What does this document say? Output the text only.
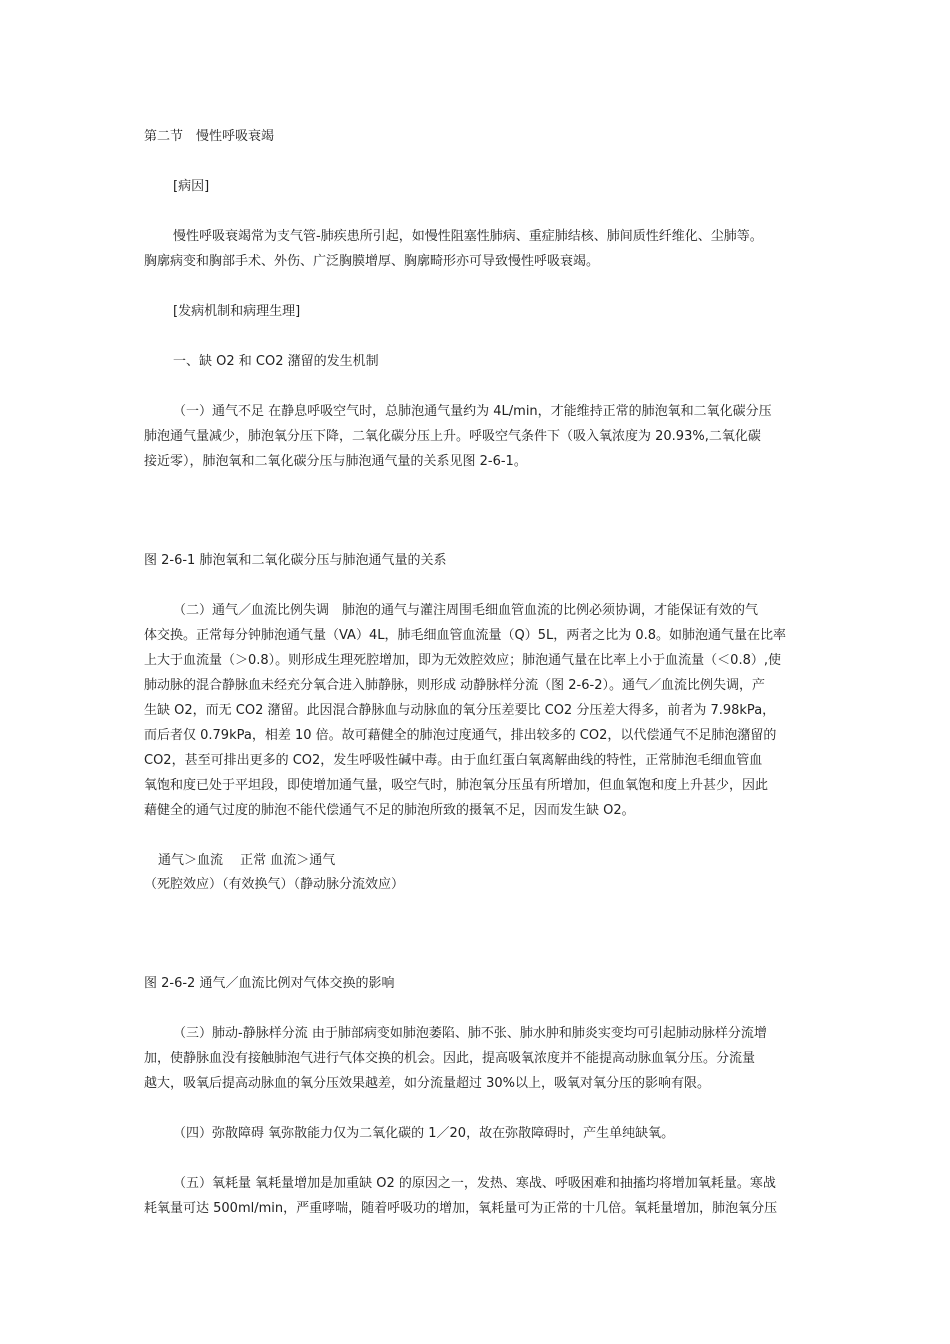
第二节　慢性呼吸衰竭
[病因]
慢性呼吸衰竭常为支气管-肺疾患所引起，如慢性阻塞性肺病、重症肺结核、肺间质性纤维化、尘肺等。
胸廓病变和胸部手术、外伤、广泛胸膜增厚、胸廓畸形亦可导致慢性呼吸衰竭。
[发病机制和病理生理]
一、缺 O2 和 CO2 潴留的发生机制
（一）通气不足 在静息呼吸空气时，总肺泡通气量约为 4L/min，才能维持正常的肺泡氧和二氧化碳分压
肺泡通气量减少，肺泡氧分压下降，二氧化碳分压上升。呼吸空气条件下（吸入氧浓度为 20.93%,二氧化碳
接近零），肺泡氧和二氧化碳分压与肺泡通气量的关系见图 2-6-1。
图 2-6-1 肺泡氧和二氧化碳分压与肺泡通气量的关系
（二）通气／血流比例失调　肺泡的通气与灌注周围毛细血管血流的比例必须协调，才能保证有效的气
体交换。正常每分钟肺泡通气量（VA）4L，肺毛细血管血流量（Q）5L，两者之比为 0.8。如肺泡通气量在比率
上大于血流量（＞0.8）。则形成生理死腔增加，即为无效腔效应；肺泡通气量在比率上小于血流量（＜0.8）,使
肺动脉的混合静脉血未经充分氧合进入肺静脉，则形成 动静脉样分流（图 2-6-2）。通气／血流比例失调，产
生缺 O2，而无 CO2 潴留。此因混合静脉血与动脉血的氧分压差要比 CO2 分压差大得多，前者为 7.98kPa，
而后者仅 0.79kPa，相差 10 倍。故可藉健全的肺泡过度通气，排出较多的 CO2，以代偿通气不足肺泡潴留的
CO2，甚至可排出更多的 CO2，发生呼吸性碱中毒。由于血红蛋白氧离解曲线的特性，正常肺泡毛细血管血
氧饱和度已处于平坦段，即使增加通气量，吸空气时，肺泡氧分压虽有所增加，但血氧饱和度上升甚少，因此
藉健全的通气过度的肺泡不能代偿通气不足的肺泡所致的摄氧不足，因而发生缺 O2。
通气＞血流　 正常 血流＞通气
（死腔效应）（有效换气）（静动脉分流效应）
图 2-6-2 通气／血流比例对气体交换的影响
（三）肺动-静脉样分流 由于肺部病变如肺泡萎陷、肺不张、肺水肿和肺炎实变均可引起肺动脉样分流增
加，使静脉血没有接触肺泡气进行气体交换的机会。因此，提高吸氧浓度并不能提高动脉血氧分压。分流量
越大，吸氧后提高动脉血的氧分压效果越差，如分流量超过 30%以上，吸氧对氧分压的影响有限。
（四）弥散障碍 氧弥散能力仅为二氧化碳的 1／20，故在弥散障碍时，产生单纯缺氧。
（五）氧耗量 氧耗量增加是加重缺 O2 的原因之一，发热、寒战、呼吸困难和抽搐均将增加氧耗量。寒战
耗氧量可达 500ml/min，严重哮喘，随着呼吸功的增加，氧耗量可为正常的十几倍。氧耗量增加，肺泡氧分压
